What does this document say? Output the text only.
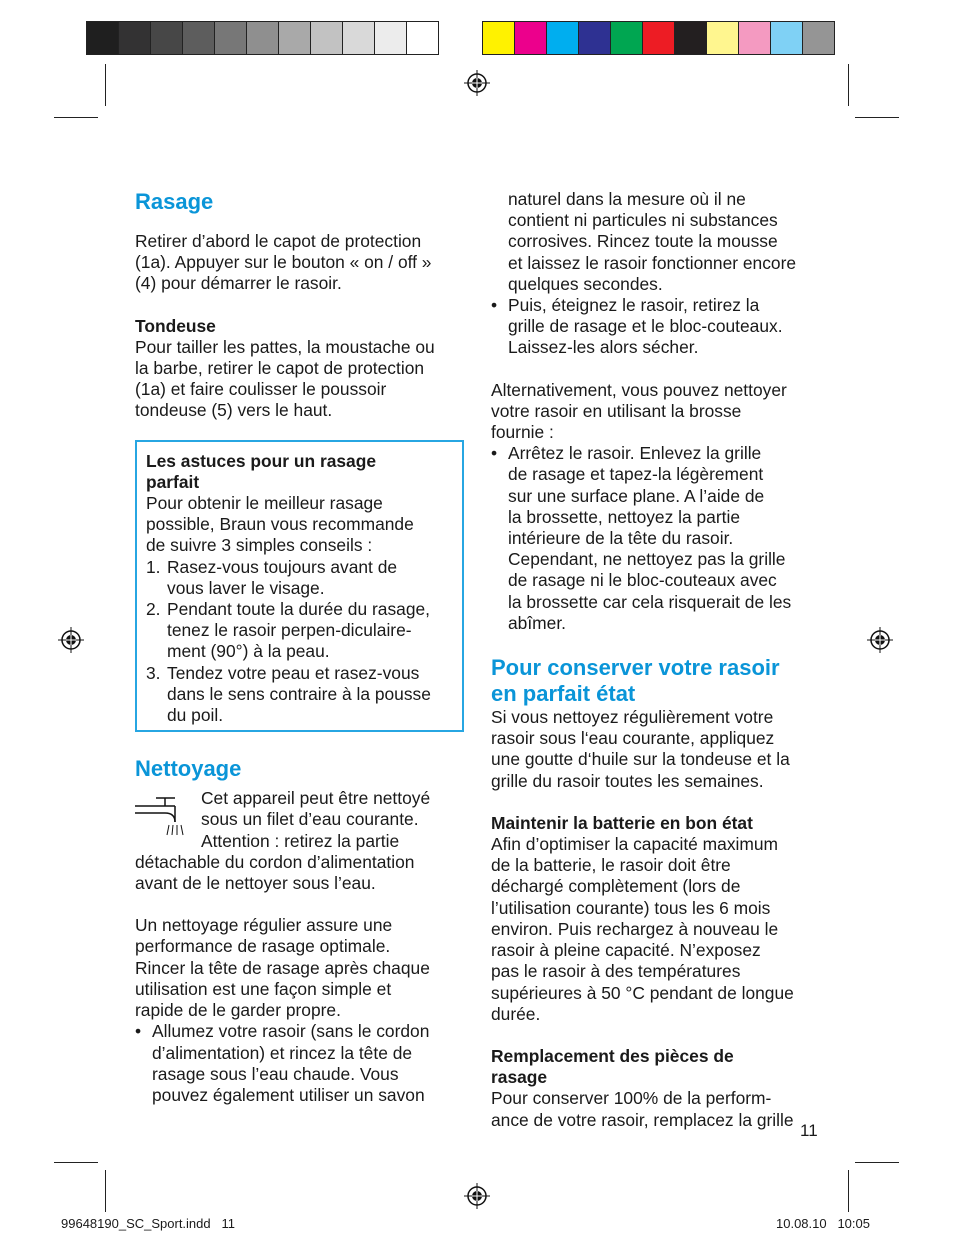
Rasage

Retirer d’abord le capot de protection
(1a). Appuyer sur le bouton « on / off »
(4) pour démarrer le rasoir.

Tondeuse

Pour tailler les pattes, la moustache ou
la barbe, retirer le capot de protection
(1a) et faire coulisser le poussoir
tondeuse (5) vers le haut.

Les astuces pour un rasage
parfait

Pour obtenir le meilleur rasage
possible, Braun vous recommande
de suivre 3 simples conseils :

1. Rasez-vous toujours avant de
vous laver le visage.
2. Pendant toute la durée du rasage,
tenez le rasoir perpen-diculaire-
ment (90°) à la peau.
3. Tendez votre peau et rasez-vous
dans le sens contraire à la pousse
du poil.
Nettoyage

Cet appareil peut être nettoyé
sous un filet d’eau courante.
Attention : retirez la partie
détachable du cordon d’alimentation
avant de le nettoyer sous l’eau.

Un nettoyage régulier assure une
performance de rasage optimale.
Rincer la tête de rasage après chaque
utilisation est une façon simple et
rapide de le garder propre.

• Allumez votre rasoir (sans le cordon
d’alimentation) et rincez la tête de
rasage sous l’eau chaude. Vous
pouvez également utiliser un savon
naturel dans la mesure où il ne
contient ni particules ni substances
corrosives. Rincez toute la mousse
et laissez le rasoir fonctionner encore
quelques secondes.
• Puis, éteignez le rasoir, retirez la
grille de rasage et le bloc-couteaux.
Laissez-les alors sécher.

Alternativement, vous pouvez nettoyer
votre rasoir en utilisant la brosse
fournie :

• Arrêtez le rasoir. Enlevez la grille
de rasage et tapez-la légèrement
sur une surface plane. A l’aide de
la brossette, nettoyez la partie
intérieure de la tête du rasoir.
Cependant, ne nettoyez pas la grille
de rasage ni le bloc-couteaux avec
la brossette car cela risquerait de les
abîmer.
Pour conserver votre rasoir
en parfait état

Si vous nettoyez régulièrement votre
rasoir sous l‘eau courante, appliquez
une goutte d‘huile sur la tondeuse et la
grille du rasoir toutes les semaines.

Maintenir la batterie en bon état

Afin d’optimiser la capacité maximum
de la batterie, le rasoir doit être
déchargé complètement (lors de
l’utilisation courante) tous les 6 mois
environ. Puis rechargez à nouveau le
rasoir à pleine capacité. N’exposez
pas le rasoir à des températures
supérieures à 50 °C pendant de longue
durée.

Remplacement des pièces de
rasage

Pour conserver 100% de la perform-
ance de votre rasoir, remplacez la grille

11
99648190_SC_Sport.indd   11	10.08.10   10:05
